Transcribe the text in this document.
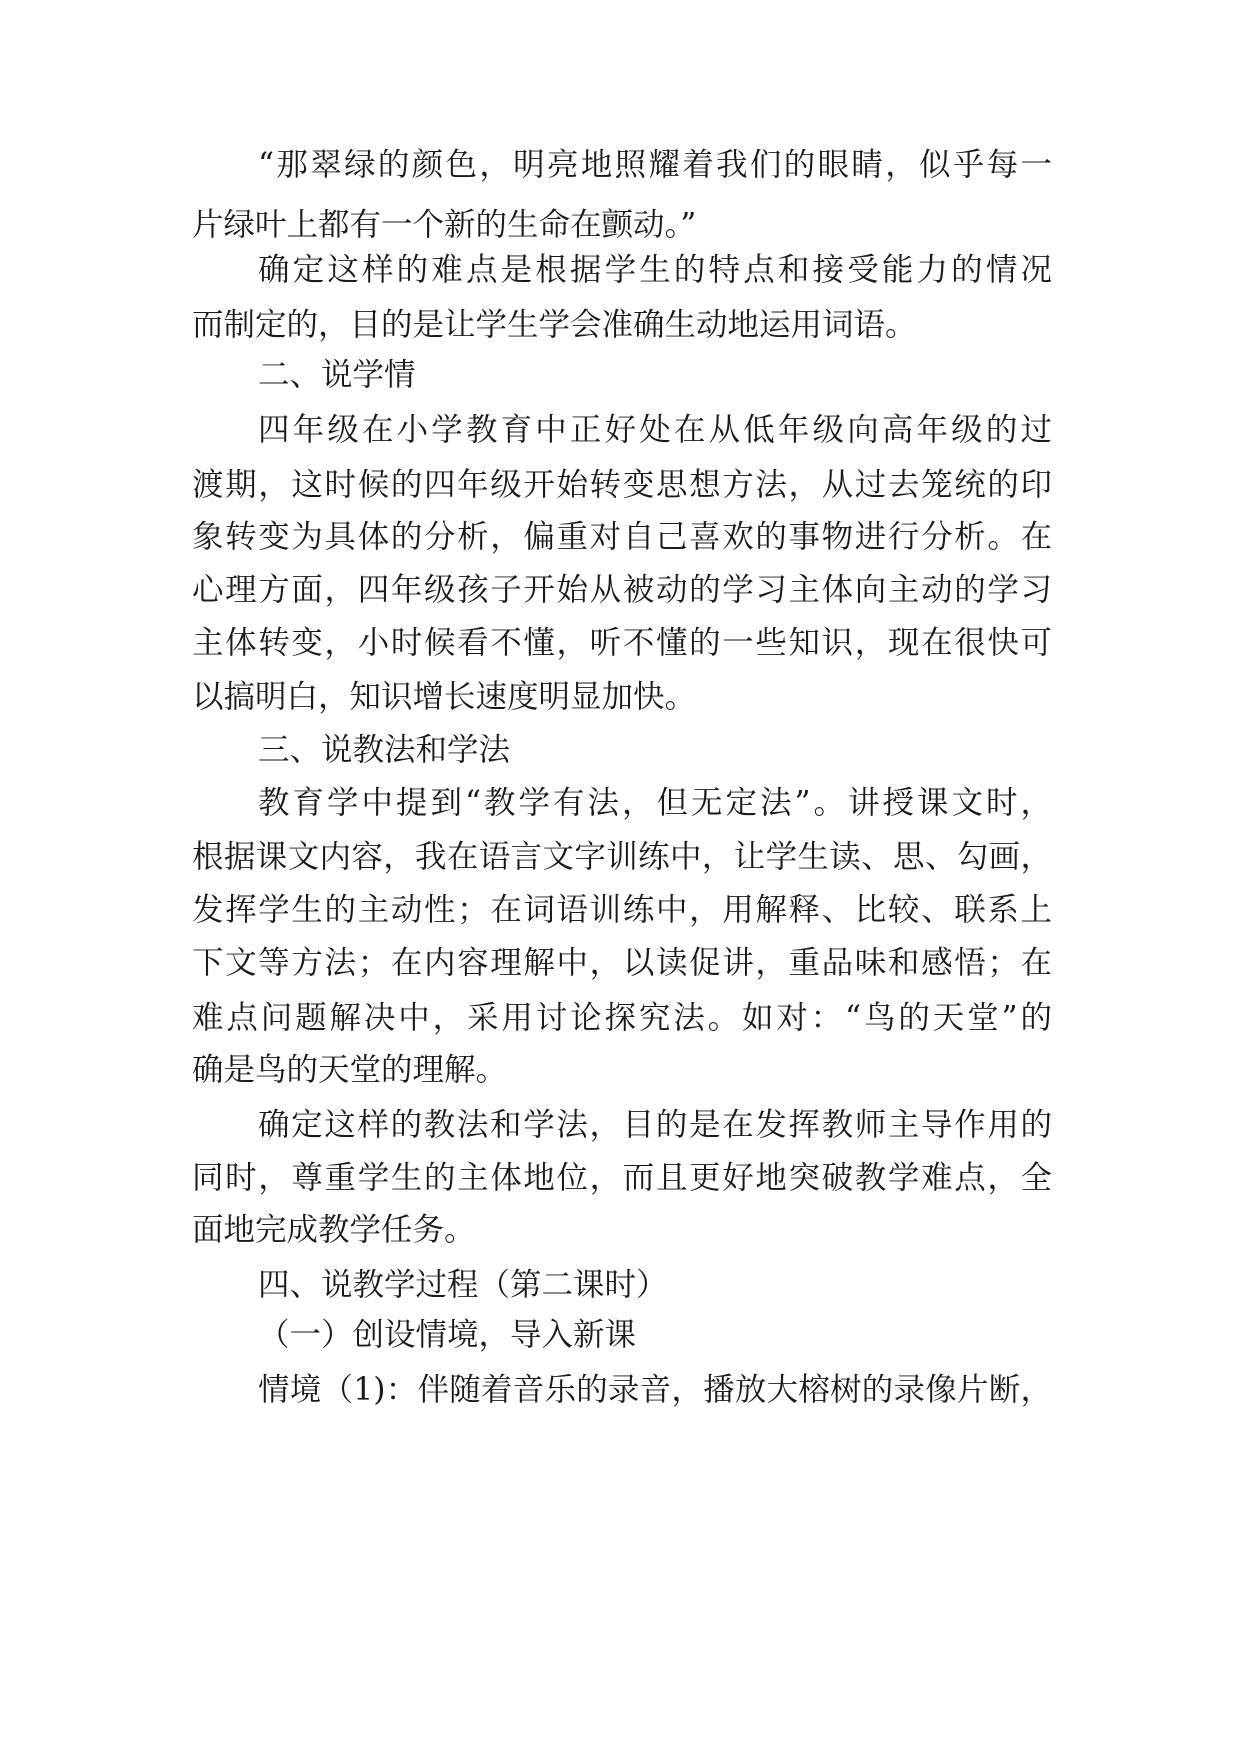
“那翠绿的颜色，明亮地照耀着我们的眼睛，似乎每一
片绿叶上都有一个新的生命在颤动。”
确定这样的难点是根据学生的特点和接受能力的情况
而制定的，目的是让学生学会准确生动地运用词语。
二、说学情
四年级在小学教育中正好处在从低年级向高年级的过
渡期，这时候的四年级开始转变思想方法，从过去笼统的印
象转变为具体的分析，偏重对自己喜欢的事物进行分析。在
心理方面，四年级孩子开始从被动的学习主体向主动的学习
主体转变，小时候看不懂，听不懂的一些知识，现在很快可
以搞明白，知识增长速度明显加快。
三、说教法和学法
教育学中提到“教学有法，但无定法”。讲授课文时，
根据课文内容，我在语言文字训练中，让学生读、思、勾画，
发挥学生的主动性；在词语训练中，用解释、比较、联系上
下文等方法；在内容理解中，以读促讲，重品味和感悟；在
难点问题解决中，采用讨论探究法。如对：“鸟的天堂”的
确是鸟的天堂的理解。
确定这样的教法和学法，目的是在发挥教师主导作用的
同时，尊重学生的主体地位，而且更好地突破教学难点，全
面地完成教学任务。
四、说教学过程（第二课时）
（一）创设情境，导入新课
情境（1)：伴随着音乐的录音，播放大榕树的录像片断，
